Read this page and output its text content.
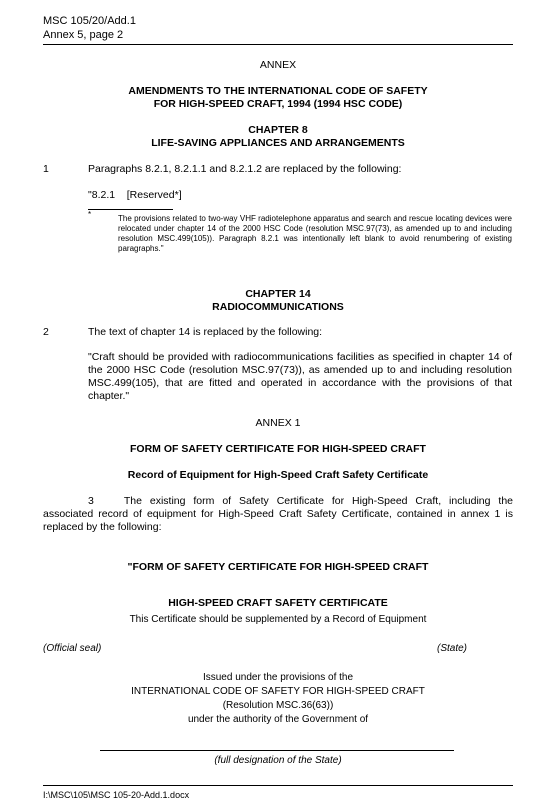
MSC 105/20/Add.1
Annex 5, page 2
ANNEX
AMENDMENTS TO THE INTERNATIONAL CODE OF SAFETY
FOR HIGH-SPEED CRAFT, 1994 (1994 HSC CODE)
CHAPTER 8
LIFE-SAVING APPLIANCES AND ARRANGEMENTS
1	Paragraphs 8.2.1, 8.2.1.1 and 8.2.1.2 are replaced by the following:
"8.2.1    [Reserved*]
*	The provisions related to two-way VHF radiotelephone apparatus and search and rescue locating devices were relocated under chapter 14 of the 2000 HSC Code (resolution MSC.97(73), as amended up to and including resolution MSC.499(105)). Paragraph 8.2.1 was intentionally left blank to avoid renumbering of existing paragraphs."
CHAPTER 14
RADIOCOMMUNICATIONS
2	The text of chapter 14 is replaced by the following:
"Craft should be provided with radiocommunications facilities as specified in chapter 14 of the 2000 HSC Code (resolution MSC.97(73)), as amended up to and including resolution MSC.499(105), that are fitted and operated in accordance with the provisions of that chapter."
ANNEX 1
FORM OF SAFETY CERTIFICATE FOR HIGH-SPEED CRAFT
Record of Equipment for High-Speed Craft Safety Certificate
3	The existing form of Safety Certificate for High-Speed Craft, including the associated record of equipment for High-Speed Craft Safety Certificate, contained in annex 1 is replaced by the following:
"FORM OF SAFETY CERTIFICATE FOR HIGH-SPEED CRAFT
HIGH-SPEED CRAFT SAFETY CERTIFICATE
This Certificate should be supplemented by a Record of Equipment
(Official seal)	(State)
Issued under the provisions of the
INTERNATIONAL CODE OF SAFETY FOR HIGH-SPEED CRAFT
(Resolution MSC.36(63))
under the authority of the Government of
(full designation of the State)
I:\MSC\105\MSC 105-20-Add.1.docx
